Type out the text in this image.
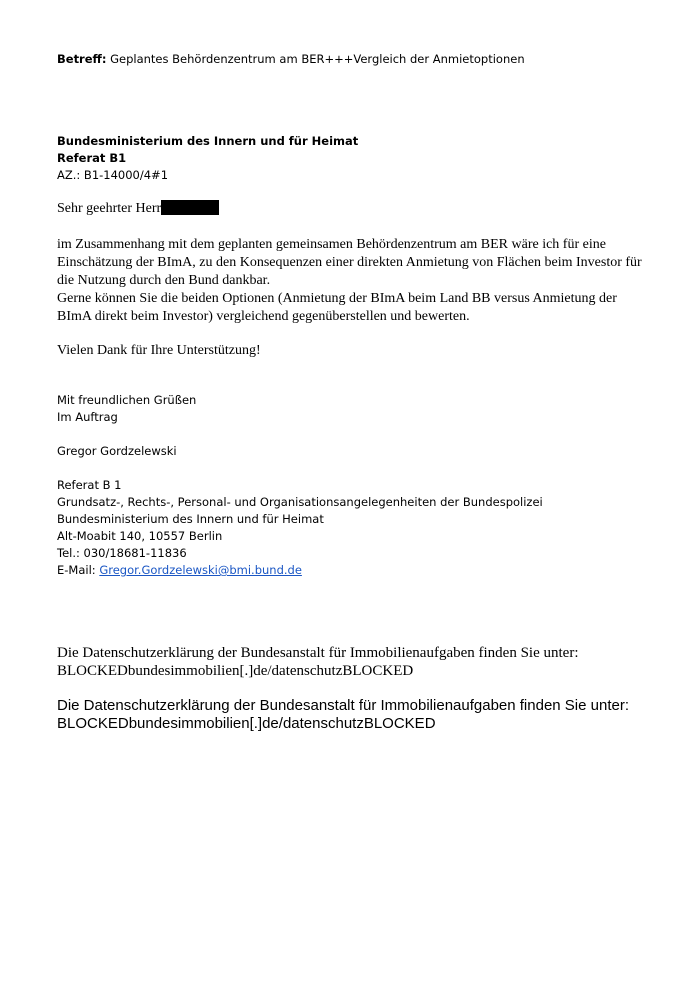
Betreff: Geplantes Behördenzentrum am BER+++Vergleich der Anmietoptionen
Bundesministerium des Innern und für Heimat
Referat B1
AZ.: B1-14000/4#1
Sehr geehrter Herr
im Zusammenhang mit dem geplanten gemeinsamen Behördenzentrum am BER wäre ich für eine
Einschätzung der BImA, zu den Konsequenzen einer direkten Anmietung von Flächen beim Investor für
die Nutzung durch den Bund dankbar.
Gerne können Sie die beiden Optionen (Anmietung der BImA beim Land BB versus Anmietung der
BImA direkt beim Investor) vergleichend gegenüberstellen und bewerten.
Vielen Dank für Ihre Unterstützung!
Mit freundlichen Grüßen
Im Auftrag
Gregor Gordzelewski
Referat B 1
Grundsatz-, Rechts-, Personal- und Organisationsangelegenheiten der Bundespolizei
Bundesministerium des Innern und für Heimat
Alt-Moabit 140, 10557 Berlin
Tel.: 030/18681-11836
E-Mail: Gregor.Gordzelewski@bmi.bund.de
Die Datenschutzerklärung der Bundesanstalt für Immobilienaufgaben finden Sie unter:
BLOCKEDbundesimmobilien[.]de/datenschutzBLOCKED
Die Datenschutzerklärung der Bundesanstalt für Immobilienaufgaben finden Sie unter:
BLOCKEDbundesimmobilien[.]de/datenschutzBLOCKED
